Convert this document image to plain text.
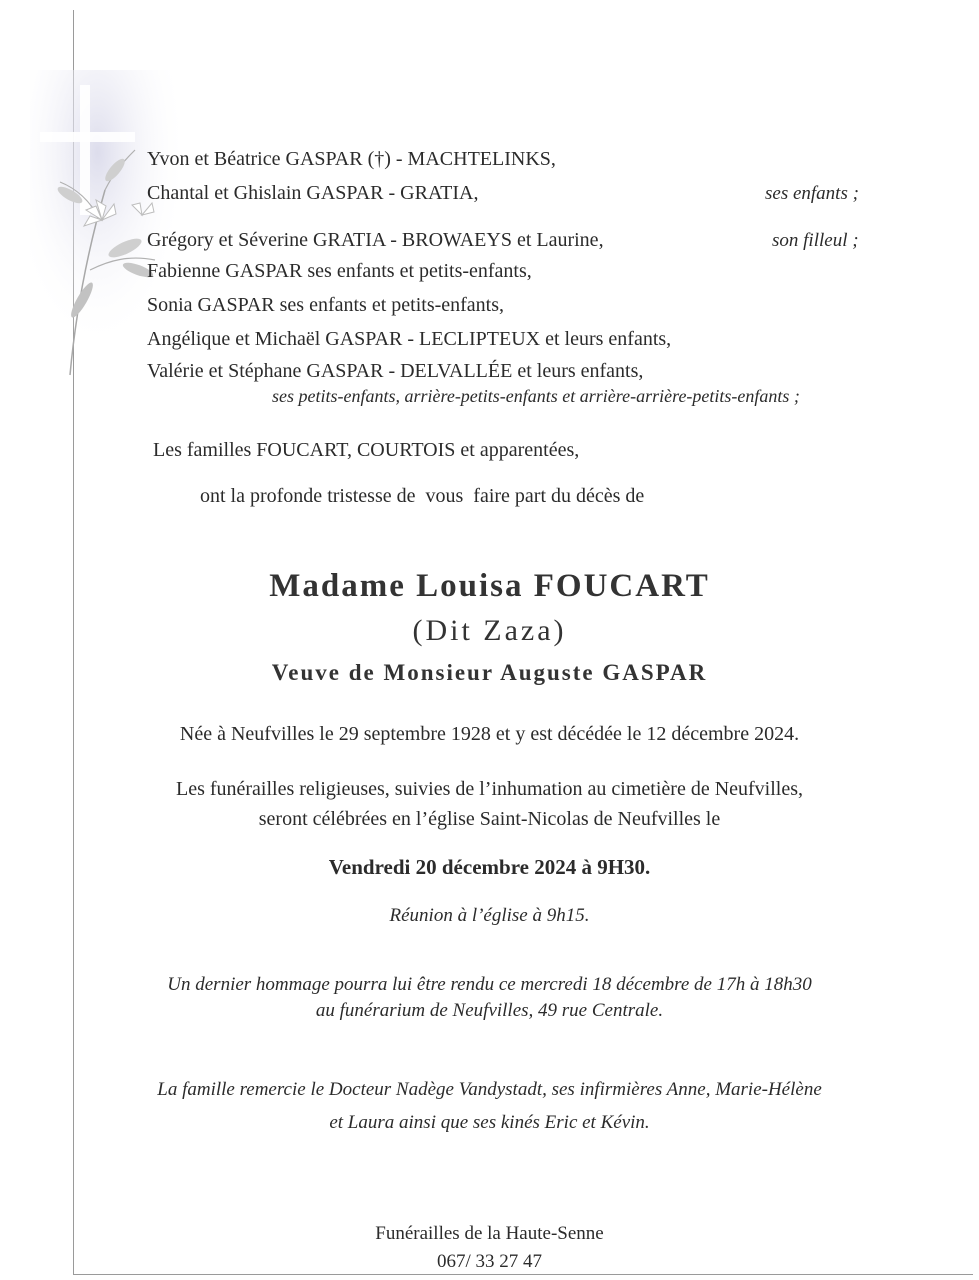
Yvon et Béatrice GASPAR (†) - MACHTELINKS,

Chantal et Ghislain GASPAR - GRATIA,	ses enfants ;

Grégory et Séverine GRATIA - BROWAEYS et Laurine,	son filleul ;

Fabienne GASPAR ses enfants et petits-enfants,

Sonia GASPAR ses enfants et petits-enfants,

Angélique et Michaël GASPAR - LECLIPTEUX et leurs enfants,

Valérie et Stéphane GASPAR - DELVALLÉE et leurs enfants,

ses petits-enfants, arrière-petits-enfants et arrière-arrière-petits-enfants ;

Les familles FOUCART, COURTOIS et apparentées,

ont la profonde tristesse de  vous  faire part du décès de

Madame Louisa FOUCART

(Dit Zaza)

Veuve de Monsieur Auguste GASPAR

Née à Neufvilles le 29 septembre 1928 et y est décédée le 12 décembre 2024.

Les funérailles religieuses, suivies de l’inhumation au cimetière de Neufvilles,

seront célébrées en l’église Saint-Nicolas de Neufvilles le

Vendredi 20 décembre 2024 à 9H30.

Réunion à l’église à 9h15.

Un dernier hommage pourra lui être rendu ce mercredi 18 décembre de 17h à 18h30

au funérarium de Neufvilles, 49 rue Centrale.

La famille remercie le Docteur Nadège Vandystadt, ses infirmières Anne, Marie-Hélène

et Laura ainsi que ses kinés Eric et Kévin.

Funérailles de la Haute-Senne

067/ 33 27 47
